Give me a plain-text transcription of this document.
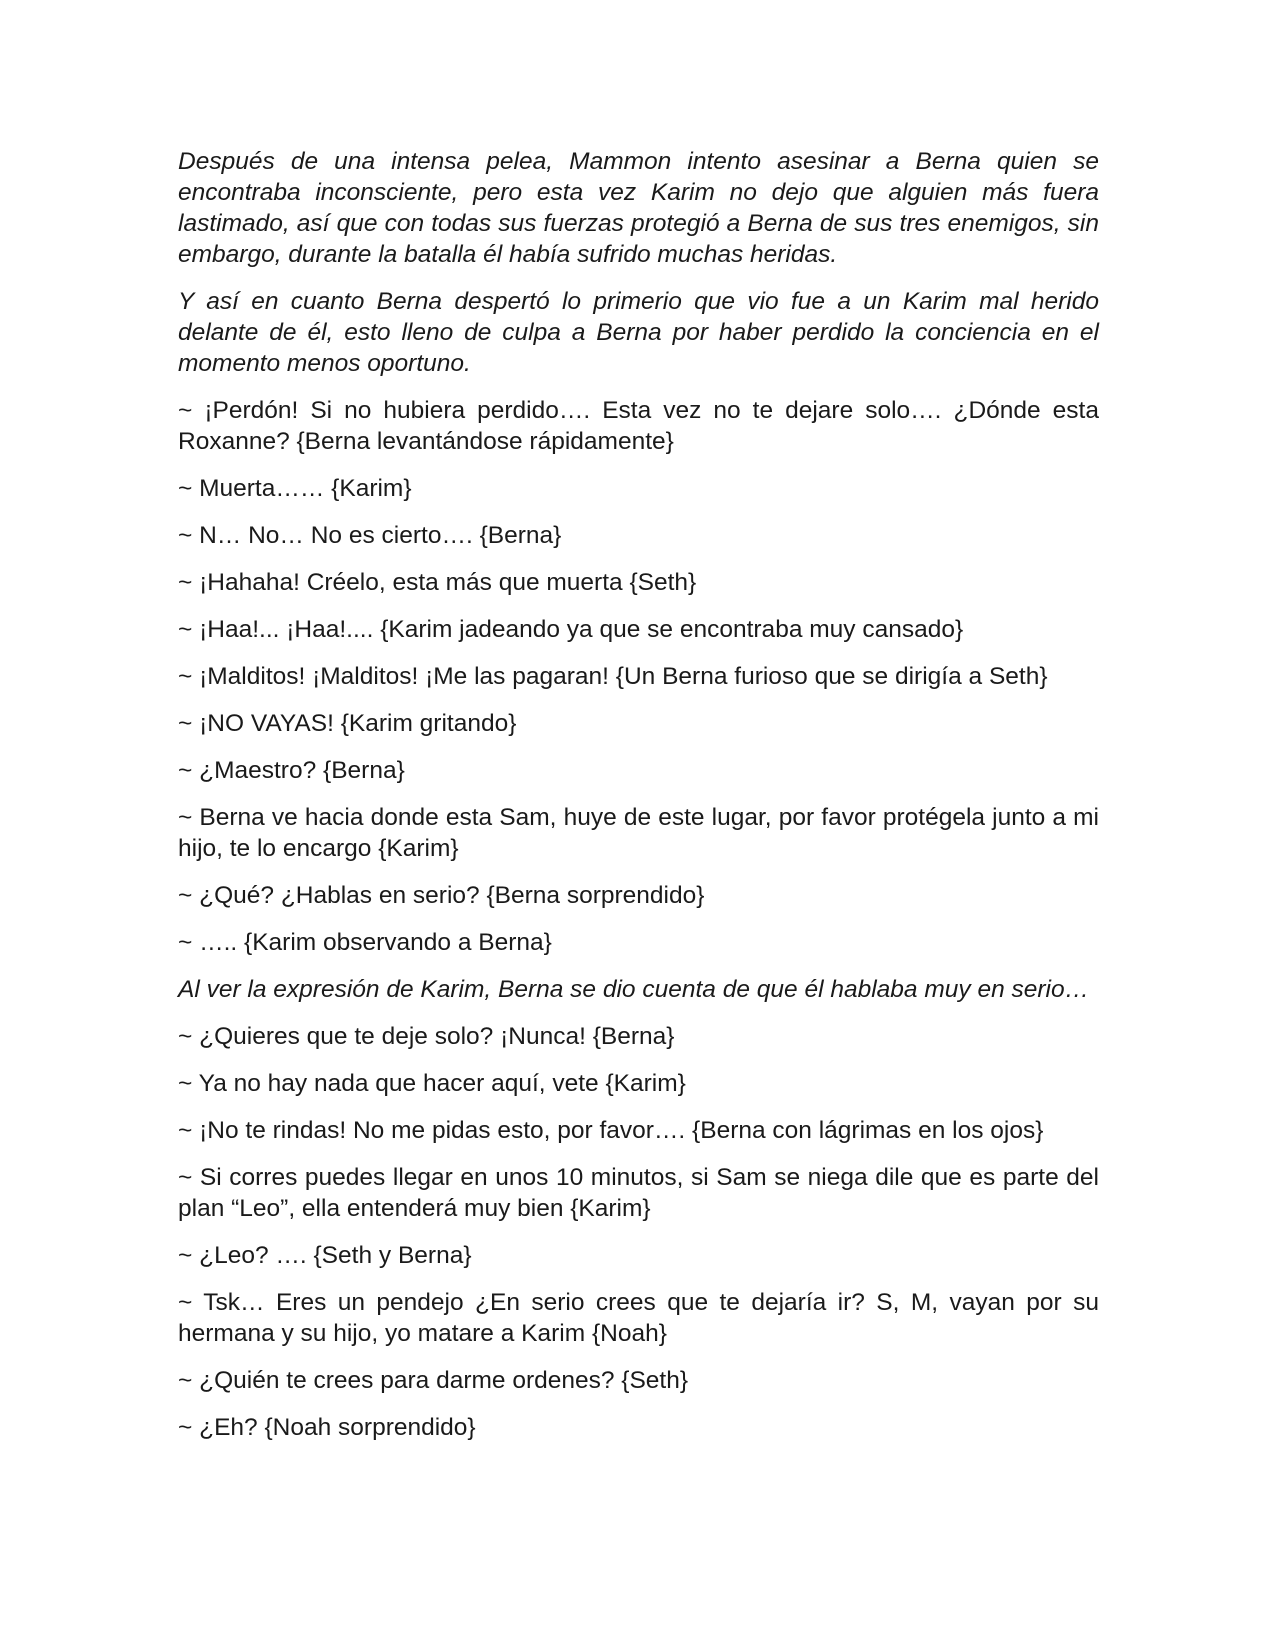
Después de una intensa pelea, Mammon intento asesinar a Berna quien se encontraba inconsciente, pero esta vez Karim no dejo que alguien más fuera lastimado, así que con todas sus fuerzas protegió a Berna de sus tres enemigos, sin embargo, durante la batalla él había sufrido muchas heridas.

Y así en cuanto Berna despertó lo primerio que vio fue a un Karim mal herido delante de él, esto lleno de culpa a Berna por haber perdido la conciencia en el momento menos oportuno.

~ ¡Perdón! Si no hubiera perdido…. Esta vez no te dejare solo…. ¿Dónde esta Roxanne? {Berna levantándose rápidamente}

~ Muerta…… {Karim}

~ N… No… No es cierto…. {Berna}

~ ¡Hahaha! Créelo, esta más que muerta {Seth}

~ ¡Haa!... ¡Haa!.... {Karim jadeando ya que se encontraba muy cansado}

~ ¡Malditos! ¡Malditos! ¡Me las pagaran! {Un Berna furioso que se dirigía a Seth}

~ ¡NO VAYAS! {Karim gritando}

~ ¿Maestro? {Berna}

~ Berna ve hacia donde esta Sam, huye de este lugar, por favor protégela junto a mi hijo, te lo encargo {Karim}

~ ¿Qué? ¿Hablas en serio? {Berna sorprendido}

~ ….. {Karim observando a Berna}

Al ver la expresión de Karim, Berna se dio cuenta de que él hablaba muy en serio…

~ ¿Quieres que te deje solo? ¡Nunca! {Berna}

~ Ya no hay nada que hacer aquí, vete {Karim}

~ ¡No te rindas! No me pidas esto, por favor…. {Berna con lágrimas en los ojos}

~ Si corres puedes llegar en unos 10 minutos, si Sam se niega dile que es parte del plan “Leo”, ella entenderá muy bien {Karim}

~ ¿Leo? …. {Seth y Berna}

~ Tsk… Eres un pendejo ¿En serio crees que te dejaría ir? S, M, vayan por su hermana y su hijo, yo matare a Karim {Noah}

~ ¿Quién te crees para darme ordenes? {Seth}

~ ¿Eh? {Noah sorprendido}
